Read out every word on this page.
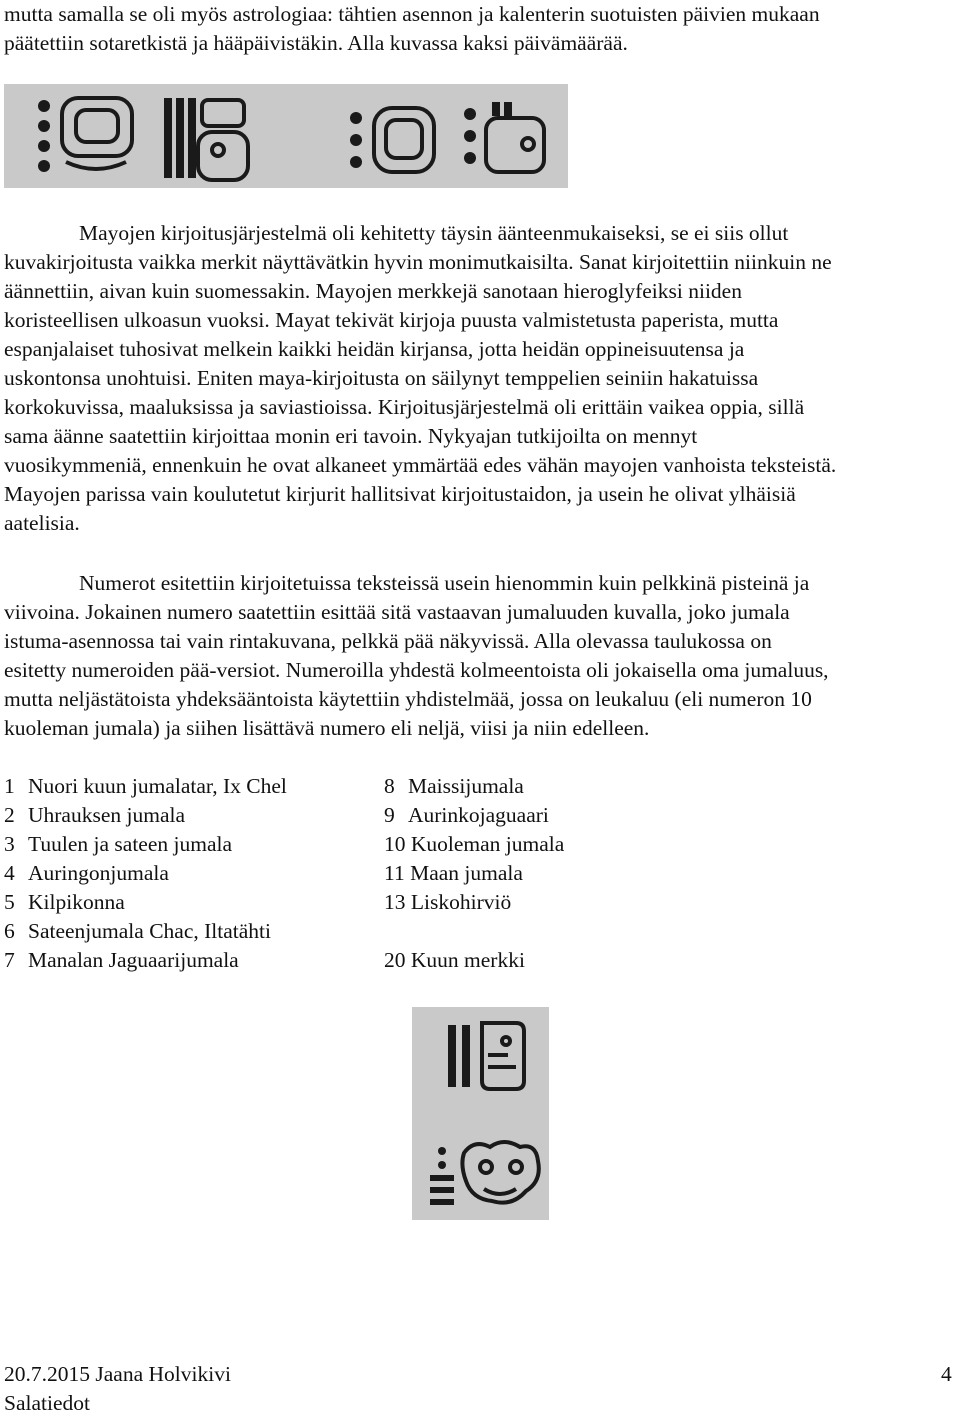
mutta samalla se oli myös astrologiaa: tähtien asennon ja kalenterin suotuisten päivien mukaan
päätettiin sotaretkistä ja hääpäivistäkin. Alla kuvassa kaksi päivämäärää.
Mayojen kirjoitusjärjestelmä oli kehitetty täysin äänteenmukaiseksi, se ei siis ollut
kuvakirjoitusta vaikka merkit näyttävätkin hyvin monimutkaisilta. Sanat kirjoitettiin niinkuin ne
äännettiin, aivan kuin suomessakin. Mayojen merkkejä sanotaan hieroglyfeiksi niiden
koristeellisen ulkoasun vuoksi. Mayat tekivät kirjoja puusta valmistetusta paperista, mutta
espanjalaiset tuhosivat melkein kaikki heidän kirjansa, jotta heidän oppineisuutensa ja
uskontonsa unohtuisi. Eniten maya-kirjoitusta on säilynyt temppelien seiniin hakatuissa
korkokuvissa, maaluksissa ja saviastioissa. Kirjoitusjärjestelmä oli erittäin vaikea oppia, sillä
sama äänne saatettiin kirjoittaa monin eri tavoin. Nykyajan tutkijoilta on mennyt
vuosikymmeniä, ennenkuin he ovat alkaneet ymmärtää edes vähän mayojen vanhoista teksteistä.
Mayojen parissa vain koulutetut kirjurit hallitsivat kirjoitustaidon, ja usein he olivat ylhäisiä
aatelisia.
Numerot esitettiin kirjoitetuissa teksteissä usein hienommin kuin pelkkinä pisteinä ja
viivoina. Jokainen numero saatettiin esittää sitä vastaavan jumaluuden kuvalla, joko jumala
istuma-asennossa tai vain rintakuvana, pelkkä pää näkyvissä. Alla olevassa taulukossa on
esitetty numeroiden pää-versiot. Numeroilla yhdestä kolmeentoista oli jokaisella oma jumaluus,
mutta neljästätoista yhdeksääntoista käytettiin yhdistelmää, jossa on leukaluu (eli numeron 10
kuoleman jumala) ja siihen lisättävä numero eli neljä, viisi ja niin edelleen.
1 Nuori kuun jumalatar, Ix Chel
2 Uhrauksen jumala
3 Tuulen ja sateen jumala
4 Auringonjumala
5 Kilpikonna
6 Sateenjumala Chac, Iltatähti
7 Manalan Jaguaarijumala
8 Maissijumala
9 Aurinkojaguaari
10 Kuoleman jumala
11 Maan jumala
13 Liskohirviö
20 Kuun merkki
20.7.2015 Jaana Holvikivi
Salatiedot
4
